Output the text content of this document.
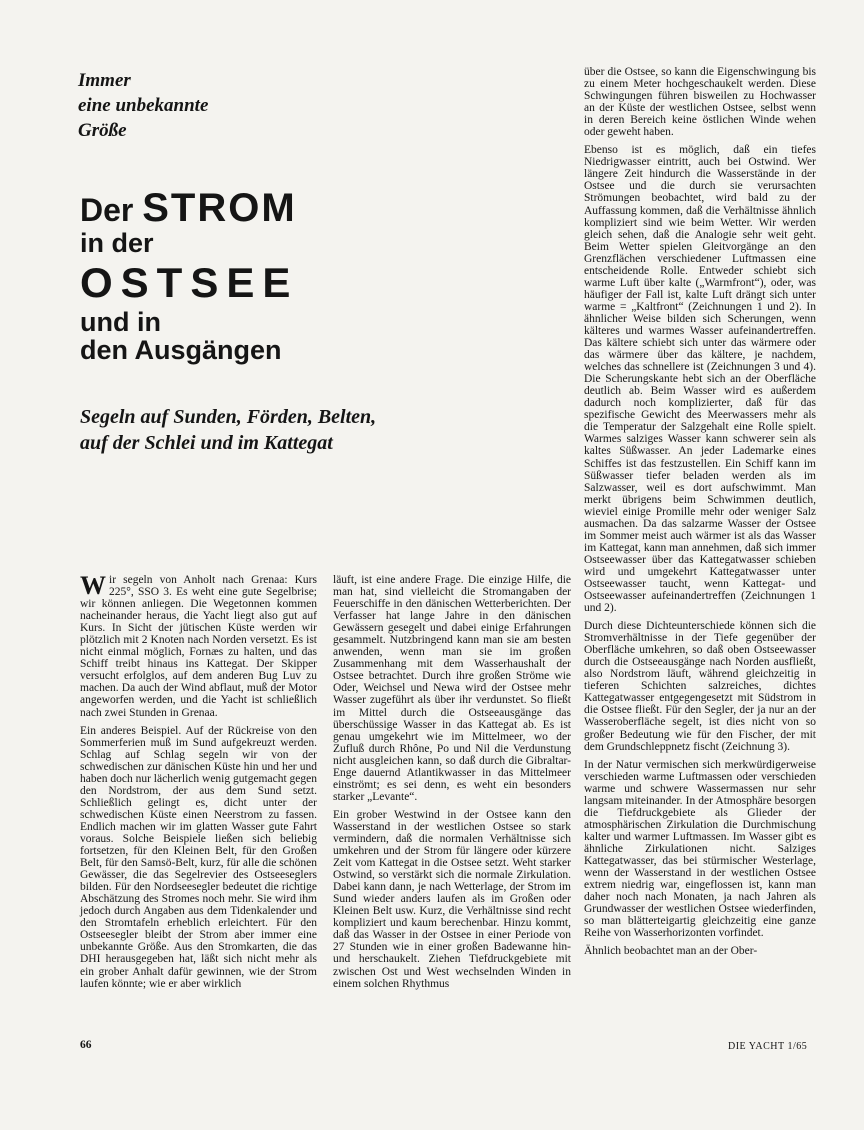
Immer
eine unbekannte
Größe
Der STROM
in der
OSTSEE
und in
den Ausgängen
Segeln auf Sunden, Förden, Belten,
auf der Schlei und im Kattegat

Wir segeln von Anholt nach Grenaa: Kurs 225°, SSO 3. Es weht eine gute Segelbrise; wir können anliegen. Die Wegetonnen kommen nacheinander heraus, die Yacht liegt also gut auf Kurs. In Sicht der jütischen Küste werden wir plötzlich mit 2 Knoten nach Norden versetzt. Es ist nicht einmal möglich, Fornæs zu halten, und das Schiff treibt hinaus ins Kattegat. Der Skipper versucht erfolglos, auf dem anderen Bug Luv zu machen. Da auch der Wind abflaut, muß der Motor angeworfen werden, und die Yacht ist schließlich nach zwei Stunden in Grenaa.

Ein anderes Beispiel. Auf der Rückreise von den Sommerferien muß im Sund aufgekreuzt werden. Schlag auf Schlag segeln wir von der schwedischen zur dänischen Küste hin und her und haben doch nur lächerlich wenig gutgemacht gegen den Nordstrom, der aus dem Sund setzt. Schließlich gelingt es, dicht unter der schwedischen Küste einen Neerstrom zu fassen. Endlich machen wir im glatten Wasser gute Fahrt voraus. Solche Beispiele ließen sich beliebig fortsetzen, für den Kleinen Belt, für den Großen Belt, für den Samsö-Belt, kurz, für alle die schönen Gewässer, die das Segelrevier des Ostseeseglers bilden. Für den Nordseesegler bedeutet die richtige Abschätzung des Stromes noch mehr. Sie wird ihm jedoch durch Angaben aus dem Tidenkalender und den Stromtafeln erheblich erleichtert. Für den Ostseesegler bleibt der Strom aber immer eine unbekannte Größe. Aus den Stromkarten, die das DHI herausgegeben hat, läßt sich nicht mehr als ein grober Anhalt dafür gewinnen, wie der Strom laufen könnte; wie er aber wirklich

läuft, ist eine andere Frage. Die einzige Hilfe, die man hat, sind vielleicht die Stromangaben der Feuerschiffe in den dänischen Wetterberichten. Der Verfasser hat lange Jahre in den dänischen Gewässern gesegelt und dabei einige Erfahrungen gesammelt. Nutzbringend kann man sie am besten anwenden, wenn man sie im großen Zusammenhang mit dem Wasserhaushalt der Ostsee betrachtet. Durch ihre großen Ströme wie Oder, Weichsel und Newa wird der Ostsee mehr Wasser zugeführt als über ihr verdunstet. So fließt im Mittel durch die Ostseeausgänge das überschüssige Wasser in das Kattegat ab. Es ist genau umgekehrt wie im Mittelmeer, wo der Zufluß durch Rhône, Po und Nil die Verdunstung nicht ausgleichen kann, so daß durch die Gibraltar-Enge dauernd Atlantikwasser in das Mittelmeer einströmt; es sei denn, es weht ein besonders starker „Levante“.

Ein grober Westwind in der Ostsee kann den Wasserstand in der westlichen Ostsee so stark vermindern, daß die normalen Verhältnisse sich umkehren und der Strom für längere oder kürzere Zeit vom Kattegat in die Ostsee setzt. Weht starker Ostwind, so verstärkt sich die normale Zirkulation. Dabei kann dann, je nach Wetterlage, der Strom im Sund wieder anders laufen als im Großen oder Kleinen Belt usw. Kurz, die Verhältnisse sind recht kompliziert und kaum berechenbar. Hinzu kommt, daß das Wasser in der Ostsee in einer Periode von 27 Stunden wie in einer großen Badewanne hin- und herschaukelt. Ziehen Tiefdruckgebiete mit zwischen Ost und West wechselnden Winden in einem solchen Rhythmus

über die Ostsee, so kann die Eigenschwingung bis zu einem Meter hochgeschaukelt werden. Diese Schwingungen führen bisweilen zu Hochwasser an der Küste der westlichen Ostsee, selbst wenn in deren Bereich keine östlichen Winde wehen oder geweht haben.

Ebenso ist es möglich, daß ein tiefes Niedrigwasser eintritt, auch bei Ostwind. Wer längere Zeit hindurch die Wasserstände in der Ostsee und die durch sie verursachten Strömungen beobachtet, wird bald zu der Auffassung kommen, daß die Verhältnisse ähnlich kompliziert sind wie beim Wetter. Wir werden gleich sehen, daß die Analogie sehr weit geht. Beim Wetter spielen Gleitvorgänge an den Grenzflächen verschiedener Luftmassen eine entscheidende Rolle. Entweder schiebt sich warme Luft über kalte („Warmfront“), oder, was häufiger der Fall ist, kalte Luft drängt sich unter warme = „Kaltfront“ (Zeichnungen 1 und 2). In ähnlicher Weise bilden sich Scherungen, wenn kälteres und warmes Wasser aufeinandertreffen. Das kältere schiebt sich unter das wärmere oder das wärmere über das kältere, je nachdem, welches das schnellere ist (Zeichnungen 3 und 4). Die Scherungskante hebt sich an der Oberfläche deutlich ab. Beim Wasser wird es außerdem dadurch noch komplizierter, daß für das spezifische Gewicht des Meerwassers mehr als die Temperatur der Salzgehalt eine Rolle spielt. Warmes salziges Wasser kann schwerer sein als kaltes Süßwasser. An jeder Lademarke eines Schiffes ist das festzustellen. Ein Schiff kann im Süßwasser tiefer beladen werden als im Salzwasser, weil es dort aufschwimmt. Man merkt übrigens beim Schwimmen deutlich, wieviel einige Promille mehr oder weniger Salz ausmachen. Da das salzarme Wasser der Ostsee im Sommer meist auch wärmer ist als das Wasser im Kattegat, kann man annehmen, daß sich immer Ostseewasser über das Kattegatwasser schieben wird und umgekehrt Kattegatwasser unter Ostseewasser taucht, wenn Kattegat- und Ostseewasser aufeinandertreffen (Zeichnungen 1 und 2).

Durch diese Dichteunterschiede können sich die Stromverhältnisse in der Tiefe gegenüber der Oberfläche umkehren, so daß oben Ostseewasser durch die Ostseeausgänge nach Norden ausfließt, also Nordstrom läuft, während gleichzeitig in tieferen Schichten salzreiches, dichtes Kattegatwasser entgegengesetzt mit Südstrom in die Ostsee fließt. Für den Segler, der ja nur an der Wasseroberfläche segelt, ist dies nicht von so großer Bedeutung wie für den Fischer, der mit dem Grundschleppnetz fischt (Zeichnung 3).

In der Natur vermischen sich merkwürdigerweise verschieden warme Luftmassen oder verschieden warme und schwere Wassermassen nur sehr langsam miteinander. In der Atmosphäre besorgen die Tiefdruckgebiete als Glieder der atmosphärischen Zirkulation die Durchmischung kalter und warmer Luftmassen. Im Wasser gibt es ähnliche Zirkulationen nicht. Salziges Kattegatwasser, das bei stürmischer Westerlage, wenn der Wasserstand in der westlichen Ostsee extrem niedrig war, eingeflossen ist, kann man daher noch nach Monaten, ja nach Jahren als Grundwasser der westlichen Ostsee wiederfinden, so man blätterteigartig gleichzeitig eine ganze Reihe von Wasserhorizonten vorfindet.

Ähnlich beobachtet man an der Ober-

66	DIE YACHT 1/65
